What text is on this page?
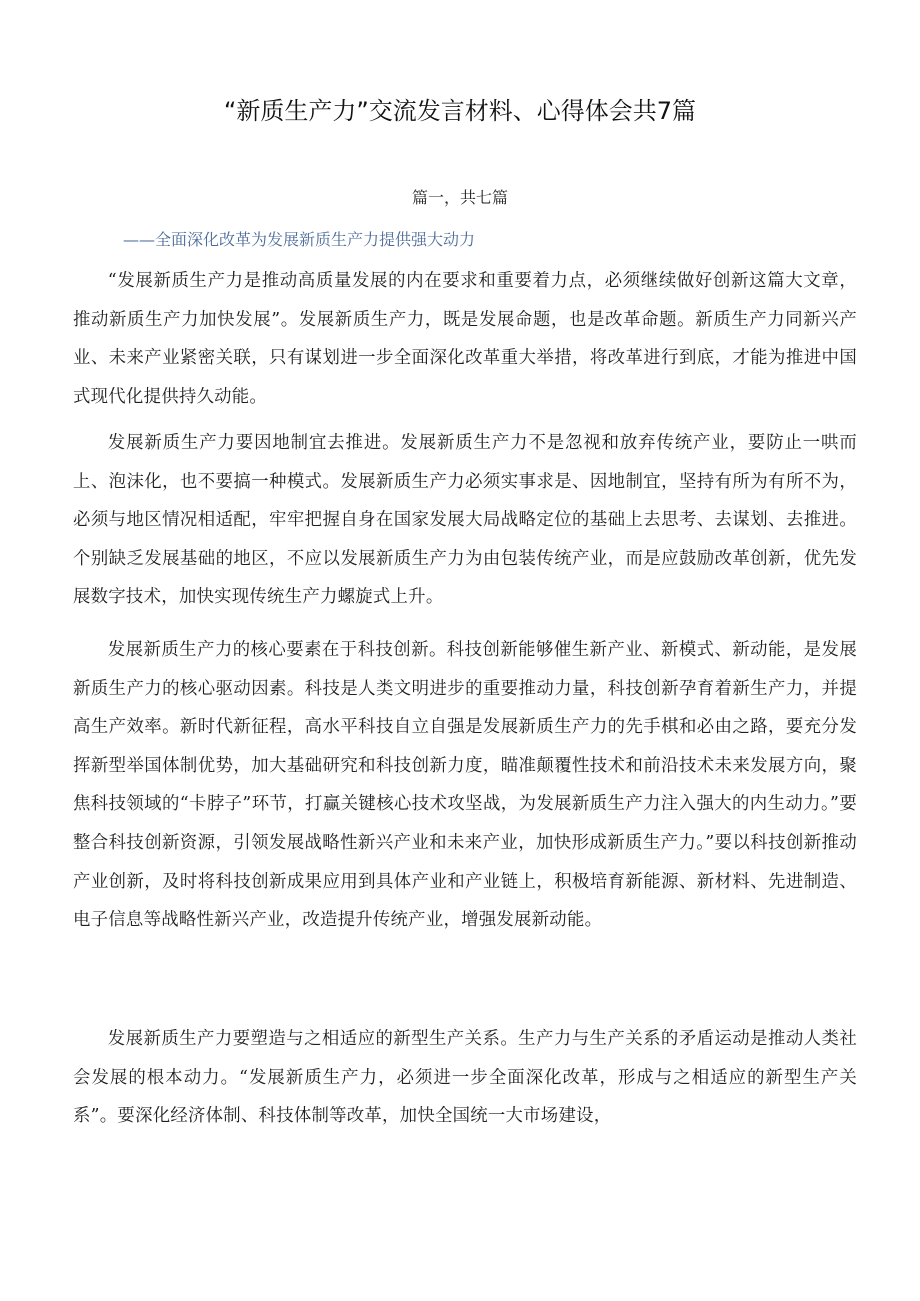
“新质生产力”交流发言材料、心得体会共7篇
篇一，共七篇
——全面深化改革为发展新质生产力提供强大动力

“发展新质生产力是推动高质量发展的内在要求和重要着力点，必须继续做好创新这篇大文章，推动新质生产力加快发展”。发展新质生产力，既是发展命题，也是改革命题。新质生产力同新兴产业、未来产业紧密关联，只有谋划进一步全面深化改革重大举措，将改革进行到底，才能为推进中国式现代化提供持久动能。

发展新质生产力要因地制宜去推进。发展新质生产力不是忽视和放弃传统产业，要防止一哄而上、泡沫化，也不要搞一种模式。发展新质生产力必须实事求是、因地制宜，坚持有所为有所不为，必须与地区情况相适配，牢牢把握自身在国家发展大局战略定位的基础上去思考、去谋划、去推进。个别缺乏发展基础的地区，不应以发展新质生产力为由包装传统产业，而是应鼓励改革创新，优先发展数字技术，加快实现传统生产力螺旋式上升。

发展新质生产力的核心要素在于科技创新。科技创新能够催生新产业、新模式、新动能，是发展新质生产力的核心驱动因素。科技是人类文明进步的重要推动力量，科技创新孕育着新生产力，并提高生产效率。新时代新征程，高水平科技自立自强是发展新质生产力的先手棋和必由之路，要充分发挥新型举国体制优势，加大基础研究和科技创新力度，瞄准颠覆性技术和前沿技术未来发展方向，聚焦科技领域的“卡脖子”环节，打赢关键核心技术攻坚战，为发展新质生产力注入强大的内生动力。”要整合科技创新资源，引领发展战略性新兴产业和未来产业，加快形成新质生产力。”要以科技创新推动产业创新，及时将科技创新成果应用到具体产业和产业链上，积极培育新能源、新材料、先进制造、电子信息等战略性新兴产业，改造提升传统产业，增强发展新动能。

发展新质生产力要塑造与之相适应的新型生产关系。生产力与生产关系的矛盾运动是推动人类社会发展的根本动力。“发展新质生产力，必须进一步全面深化改革，形成与之相适应的新型生产关系”。要深化经济体制、科技体制等改革，加快全国统一大市场建设，
